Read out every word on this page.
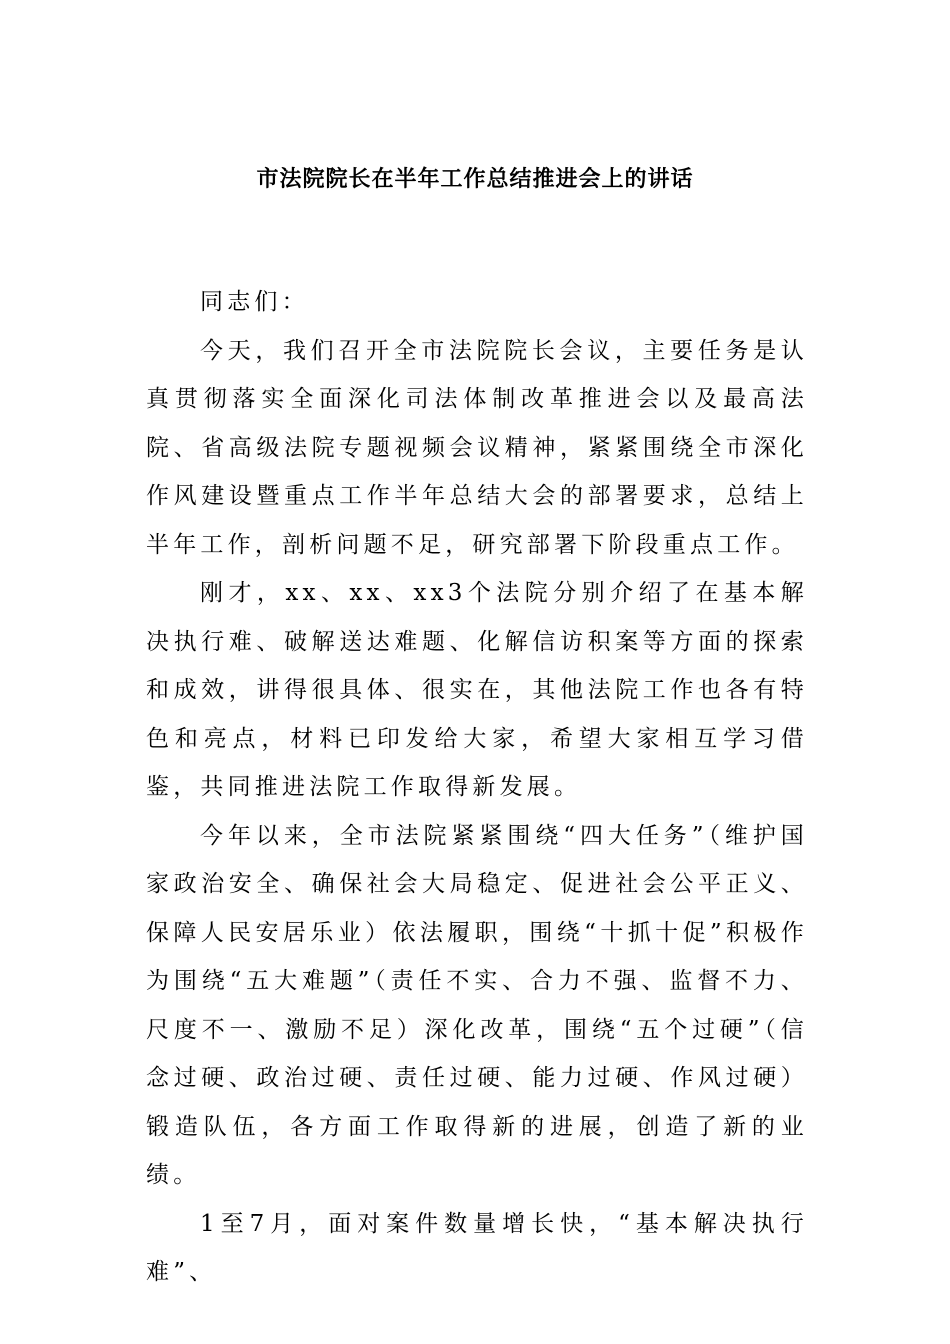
市法院院长在半年工作总结推进会上的讲话

同志们：

今天，我们召开全市法院院长会议，主要任务是认真贯彻落实全面深化司法体制改革推进会以及最高法院、省高级法院专题视频会议精神，紧紧围绕全市深化作风建设暨重点工作半年总结大会的部署要求，总结上半年工作，剖析问题不足，研究部署下阶段重点工作。

刚才，xx、xx、xx3个法院分别介绍了在基本解决执行难、破解送达难题、化解信访积案等方面的探索和成效，讲得很具体、很实在，其他法院工作也各有特色和亮点，材料已印发给大家，希望大家相互学习借鉴，共同推进法院工作取得新发展。

今年以来，全市法院紧紧围绕“四大任务”（维护国家政治安全、确保社会大局稳定、促进社会公平正义、保障人民安居乐业）依法履职，围绕“十抓十促”积极作为围绕“五大难题”（责任不实、合力不强、监督不力、尺度不一、激励不足）深化改革，围绕“五个过硬”（信念过硬、政治过硬、责任过硬、能力过硬、作风过硬）锻造队伍，各方面工作取得新的进展，创造了新的业绩。

1至7月，面对案件数量增长快，“基本解决执行难”、
